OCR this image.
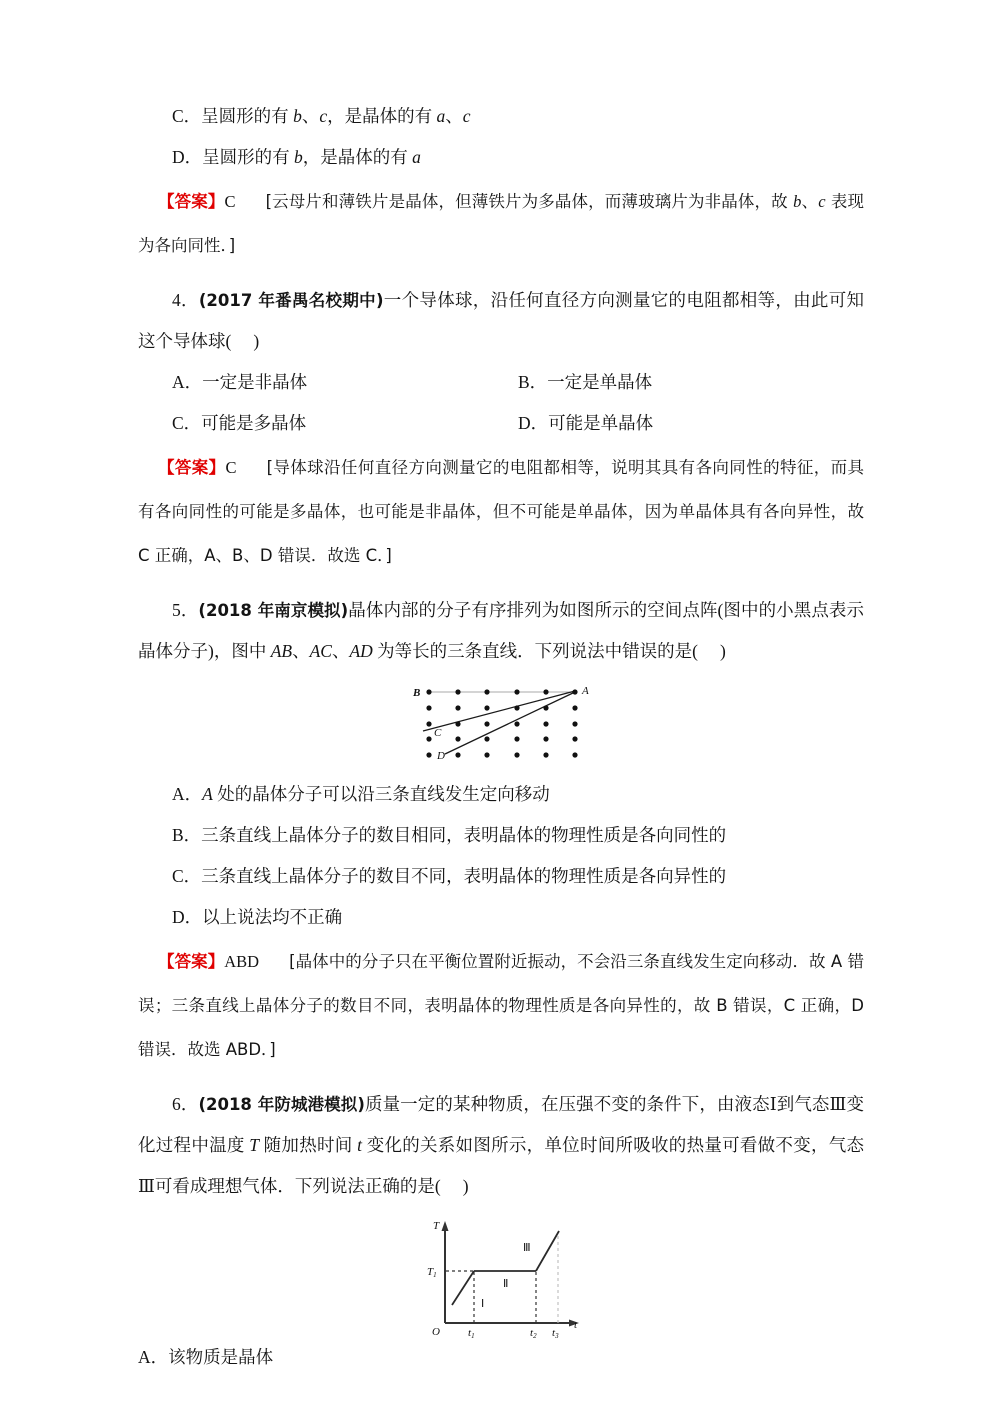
C．呈圆形的有 b、c，是晶体的有 a、c
D．呈圆形的有 b，是晶体的有 a
【答案】C [云母片和薄铁片是晶体，但薄铁片为多晶体，而薄玻璃片为非晶体，故 b、c 表现为各向同性．]
4．(2017 年番禺名校期中)一个导体球，沿任何直径方向测量它的电阻都相等，由此可知这个导体球( )
A．一定是非晶体	B．一定是单晶体
C．可能是多晶体	D．可能是单晶体
【答案】C [导体球沿任何直径方向测量它的电阻都相等，说明其具有各向同性的特征，而具有各向同性的可能是多晶体，也可能是非晶体，但不可能是单晶体，因为单晶体具有各向异性，故 C 正确，A、B、D 错误．故选 C．]
5．(2018 年南京模拟)晶体内部的分子有序排列为如图所示的空间点阵(图中的小黑点表示晶体分子)，图中 AB、AC、AD 为等长的三条直线．下列说法中错误的是( )
B	A
C
D
A．A 处的晶体分子可以沿三条直线发生定向移动
B．三条直线上晶体分子的数目相同，表明晶体的物理性质是各向同性的
C．三条直线上晶体分子的数目不同，表明晶体的物理性质是各向异性的
D．以上说法均不正确
【答案】ABD [晶体中的分子只在平衡位置附近振动，不会沿三条直线发生定向移动．故 A 错误；三条直线上晶体分子的数目不同，表明晶体的物理性质是各向异性的，故 B 错误，C 正确，D 错误．故选 ABD．]
6．(2018 年防城港模拟)质量一定的某种物质，在压强不变的条件下，由液态Ⅰ到气态Ⅲ变化过程中温度 T 随加热时间 t 变化的关系如图所示，单位时间所吸收的热量可看做不变，气态Ⅲ可看成理想气体．下列说法正确的是( )
T
t
O
T1
t1	t2 t3
Ⅰ
Ⅱ
Ⅲ
A．该物质是晶体
